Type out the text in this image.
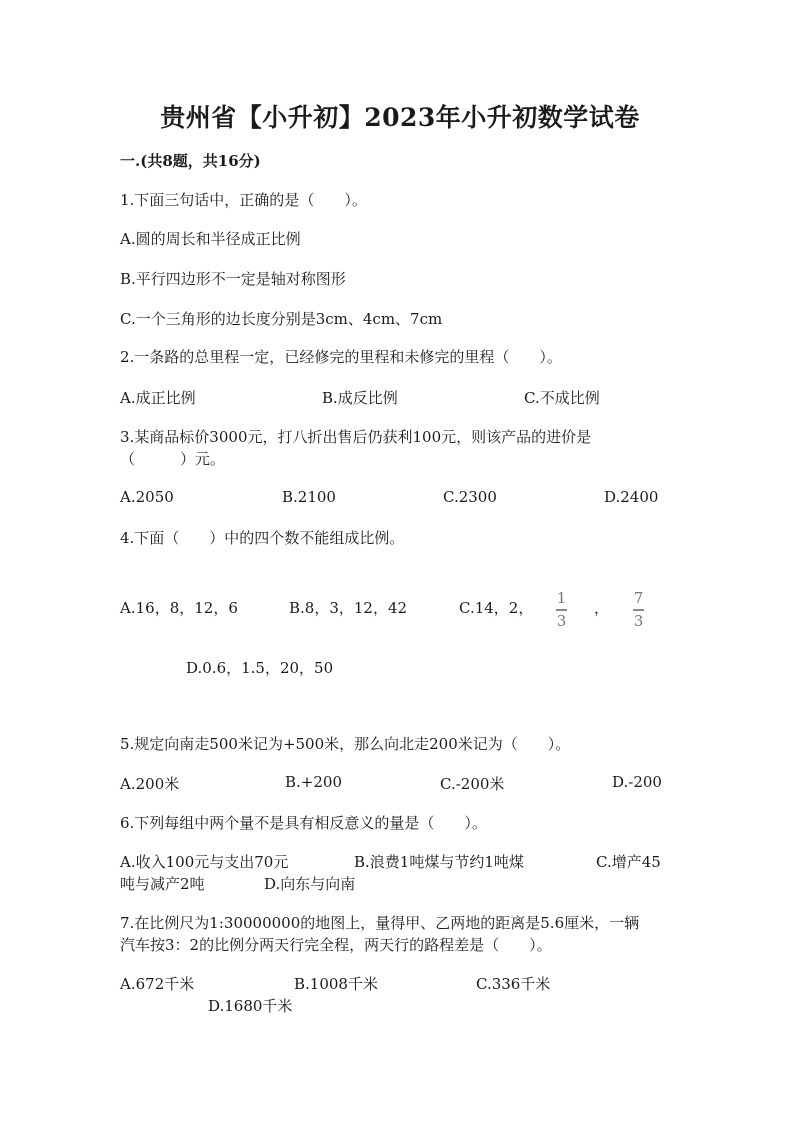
贵州省【小升初】2023年小升初数学试卷
一.(共8题，共16分)
1.下面三句话中，正确的是（　　）。
A.圆的周长和半径成正比例
B.平行四边形不一定是轴对称图形
C.一个三角形的边长度分别是3cm、4cm、7cm
2.一条路的总里程一定，已经修完的里程和未修完的里程（　　）。
A.成正比例	B.成反比例	C.不成比例
3.某商品标价3000元，打八折出售后仍获利100元，则该产品的进价是
（　　　）元。
A.2050	B.2100	C.2300	D.2400
4.下面（　　）中的四个数不能组成比例。
A.16，8，12，6	B.8，3，12，42	C.14，2，
1
3
，
7
3
D.0.6，1.5，20，50
5.规定向南走500米记为+500米，那么向北走200米记为（　　）。
A.200米	B.+200	C.-200米	D.-200
6.下列每组中两个量不是具有相反意义的量是（　　）。
A.收入100元与支出70元	B.浪费1吨煤与节约1吨煤	C.增产45
吨与减产2吨	D.向东与向南
7.在比例尺为1:30000000的地图上，量得甲、乙两地的距离是5.6厘米，一辆
汽车按3：2的比例分两天行完全程，两天行的路程差是（　　）。
A.672千米	B.1008千米	C.336千米
D.1680千米
